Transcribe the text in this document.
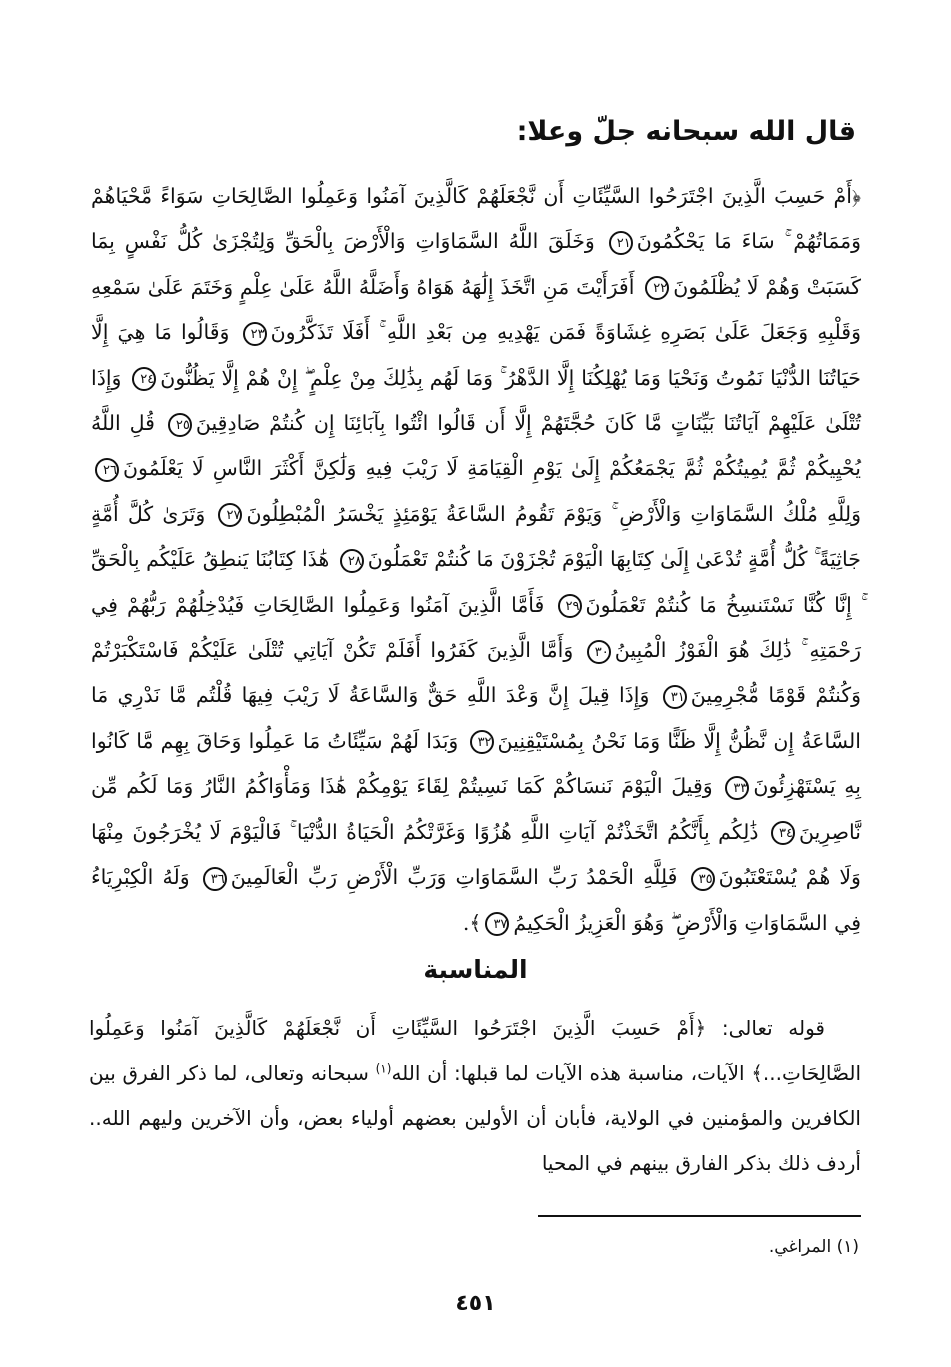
قال الله سبحانه جلّ وعلا:
﴿أَمْ حَسِبَ الَّذِينَ اجْتَرَحُوا السَّيِّئَاتِ أَن نَّجْعَلَهُمْ كَالَّذِينَ آمَنُوا وَعَمِلُوا الصَّالِحَاتِ سَوَاءً مَّحْيَاهُمْ وَمَمَاتُهُمْ ۚ سَاءَ مَا يَحْكُمُونَ٢١ وَخَلَقَ اللَّهُ السَّمَاوَاتِ وَالْأَرْضَ بِالْحَقِّ وَلِتُجْزَىٰ كُلُّ نَفْسٍ بِمَا كَسَبَتْ وَهُمْ لَا يُظْلَمُونَ٢٢ أَفَرَأَيْتَ مَنِ اتَّخَذَ إِلَٰهَهُ هَوَاهُ وَأَضَلَّهُ اللَّهُ عَلَىٰ عِلْمٍ وَخَتَمَ عَلَىٰ سَمْعِهِ وَقَلْبِهِ وَجَعَلَ عَلَىٰ بَصَرِهِ غِشَاوَةً فَمَن يَهْدِيهِ مِن بَعْدِ اللَّهِ ۚ أَفَلَا تَذَكَّرُونَ٢٣ وَقَالُوا مَا هِيَ إِلَّا حَيَاتُنَا الدُّنْيَا نَمُوتُ وَنَحْيَا وَمَا يُهْلِكُنَا إِلَّا الدَّهْرُ ۚ وَمَا لَهُم بِذَٰلِكَ مِنْ عِلْمٍ ۖ إِنْ هُمْ إِلَّا يَظُنُّونَ٢٤ وَإِذَا تُتْلَىٰ عَلَيْهِمْ آيَاتُنَا بَيِّنَاتٍ مَّا كَانَ حُجَّتَهُمْ إِلَّا أَن قَالُوا ائْتُوا بِآبَائِنَا إِن كُنتُمْ صَادِقِينَ٢٥ قُلِ اللَّهُ يُحْيِيكُمْ ثُمَّ يُمِيتُكُمْ ثُمَّ يَجْمَعُكُمْ إِلَىٰ يَوْمِ الْقِيَامَةِ لَا رَيْبَ فِيهِ وَلَٰكِنَّ أَكْثَرَ النَّاسِ لَا يَعْلَمُونَ٢٦ وَلِلَّهِ مُلْكُ السَّمَاوَاتِ وَالْأَرْضِ ۚ وَيَوْمَ تَقُومُ السَّاعَةُ يَوْمَئِذٍ يَخْسَرُ الْمُبْطِلُونَ٢٧ وَتَرَىٰ كُلَّ أُمَّةٍ جَاثِيَةً ۚ كُلُّ أُمَّةٍ تُدْعَىٰ إِلَىٰ كِتَابِهَا الْيَوْمَ تُجْزَوْنَ مَا كُنتُمْ تَعْمَلُونَ٢٨ هَٰذَا كِتَابُنَا يَنطِقُ عَلَيْكُم بِالْحَقِّ ۚ إِنَّا كُنَّا نَسْتَنسِخُ مَا كُنتُمْ تَعْمَلُونَ٢٩ فَأَمَّا الَّذِينَ آمَنُوا وَعَمِلُوا الصَّالِحَاتِ فَيُدْخِلُهُمْ رَبُّهُمْ فِي رَحْمَتِهِ ۚ ذَٰلِكَ هُوَ الْفَوْزُ الْمُبِينُ٣٠ وَأَمَّا الَّذِينَ كَفَرُوا أَفَلَمْ تَكُنْ آيَاتِي تُتْلَىٰ عَلَيْكُمْ فَاسْتَكْبَرْتُمْ وَكُنتُمْ قَوْمًا مُّجْرِمِينَ٣١ وَإِذَا قِيلَ إِنَّ وَعْدَ اللَّهِ حَقٌّ وَالسَّاعَةُ لَا رَيْبَ فِيهَا قُلْتُم مَّا نَدْرِي مَا السَّاعَةُ إِن نَّظُنُّ إِلَّا ظَنًّا وَمَا نَحْنُ بِمُسْتَيْقِنِينَ٣٢ وَبَدَا لَهُمْ سَيِّئَاتُ مَا عَمِلُوا وَحَاقَ بِهِم مَّا كَانُوا بِهِ يَسْتَهْزِئُونَ٣٣ وَقِيلَ الْيَوْمَ نَنسَاكُمْ كَمَا نَسِيتُمْ لِقَاءَ يَوْمِكُمْ هَٰذَا وَمَأْوَاكُمُ النَّارُ وَمَا لَكُم مِّن نَّاصِرِينَ٣٤ ذَٰلِكُم بِأَنَّكُمُ اتَّخَذْتُمْ آيَاتِ اللَّهِ هُزُوًا وَغَرَّتْكُمُ الْحَيَاةُ الدُّنْيَا ۚ فَالْيَوْمَ لَا يُخْرَجُونَ مِنْهَا وَلَا هُمْ يُسْتَعْتَبُونَ٣٥ فَلِلَّهِ الْحَمْدُ رَبِّ السَّمَاوَاتِ وَرَبِّ الْأَرْضِ رَبِّ الْعَالَمِينَ٣٦ وَلَهُ الْكِبْرِيَاءُ فِي السَّمَاوَاتِ وَالْأَرْضِ ۖ وَهُوَ الْعَزِيزُ الْحَكِيمُ٣٧﴾.
المناسبة
قوله تعالى: ﴿أَمْ حَسِبَ الَّذِينَ اجْتَرَحُوا السَّيِّئَاتِ أَن نَّجْعَلَهُمْ كَالَّذِينَ آمَنُوا وَعَمِلُوا الصَّالِحَاتِ...﴾ الآيات، مناسبة هذه الآيات لما قبلها: أن الله$^{(١)}$ سبحانه وتعالى، لما ذكر الفرق بين الكافرين والمؤمنين في الولاية، فأبان أن الأولين بعضهم أولياء بعض، وأن الآخرين وليهم الله.. أردف ذلك بذكر الفارق بينهم في المحيا
(١) المراغي.
٤٥١
